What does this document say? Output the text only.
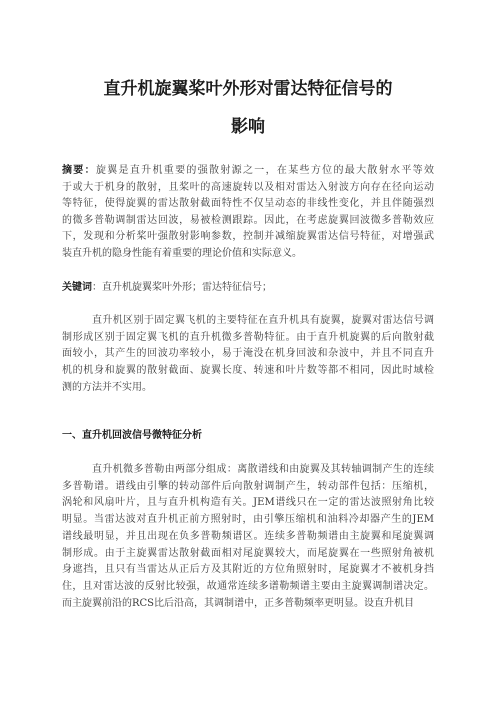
直升机旋翼桨叶外形对雷达特征信号的
影响
摘要：旋翼是直升机重要的强散射源之一，在某些方位的最大散射水平等效
于或大于机身的散射，且桨叶的高速旋转以及相对雷达入射波方向存在径向运动
等特征，使得旋翼的雷达散射截面特性不仅呈动态的非线性变化，并且伴随强烈
的微多普勒调制雷达回波，易被检测跟踪。因此，在考虑旋翼回波微多普勒效应
下，发现和分析桨叶强散射影响参数，控制并减缩旋翼雷达信号特征，对增强武
装直升机的隐身性能有着重要的理论价值和实际意义。
关键词：直升机旋翼桨叶外形；雷达特征信号；
直升机区别于固定翼飞机的主要特征在直升机具有旋翼，旋翼对雷达信号调
制形成区别于固定翼飞机的直升机微多普勒特征。由于直升机旋翼的后向散射截
面较小，其产生的回波功率较小，易于淹没在机身回波和杂波中，并且不同直升
机的机身和旋翼的散射截面、旋翼长度、转速和叶片数等都不相同，因此时域检
测的方法并不实用。
一、直升机回波信号微特征分析
直升机微多普勒由两部分组成：离散谱线和由旋翼及其转轴调制产生的连续
多普勒谱。谱线由引擎的转动部件后向散射调制产生，转动部件包括：压缩机，
涡轮和风扇叶片，且与直升机构造有关。JEM谱线只在一定的雷达波照射角比较
明显。当雷达波对直升机正前方照射时，由引擎压缩机和油料冷却器产生的JEM
谱线最明显，并且出现在负多普勒频谱区。连续多普勒频谱由主旋翼和尾旋翼调
制形成。由于主旋翼雷达散射截面相对尾旋翼较大，而尾旋翼在一些照射角被机
身遮挡，且只有当雷达从正后方及其附近的方位角照射时，尾旋翼才不被机身挡
住，且对雷达波的反射比较强，故通常连续多谱勒频谱主要由主旋翼调制谱决定。
而主旋翼前沿的RCS比后沿高，其调制谱中，正多普勒频率更明显。设直升机目
